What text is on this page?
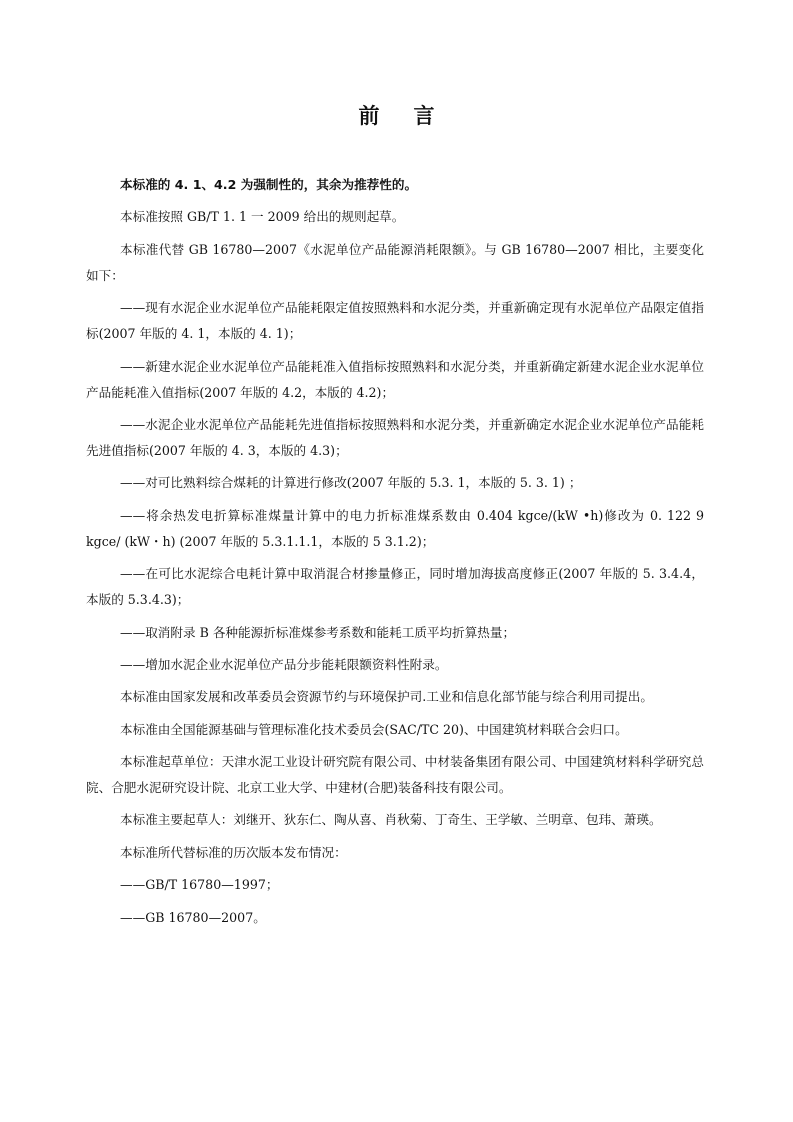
前言

本标准的 4. 1、4.2 为强制性的，其余为推荐性的。

本标准按照 GB/T 1. 1 一 2009 给出的规则起草。

本标准代替 GB 16780—2007《水泥单位产品能源消耗限额》。与 GB 16780—2007 相比，主要变化如下：

——现有水泥企业水泥单位产品能耗限定值按照熟料和水泥分类，并重新确定现有水泥单位产品限定值指标(2007 年版的 4. 1，本版的 4. 1)；

——新建水泥企业水泥单位产品能耗准入值指标按照熟料和水泥分类，并重新确定新建水泥企业水泥单位产品能耗准入值指标(2007 年版的 4.2，本版的 4.2)；

——水泥企业水泥单位产品能耗先进值指标按照熟料和水泥分类，并重新确定水泥企业水泥单位产品能耗先进值指标(2007 年版的 4. 3，本版的 4.3)；

——对可比熟料综合煤耗的计算进行修改(2007 年版的 5.3. 1，本版的 5. 3. 1) ；

——将余热发电折算标准煤量计算中的电力折标准煤系数由 0.404 kgce/(kW •h)修改为 0. 122 9 kgce/ (kW・h) (2007 年版的 5.3.1.1.1，本版的 5 3.1.2)；

——在可比水泥综合电耗计算中取消混合材掺量修正，同时增加海拔高度修正(2007 年版的 5. 3.4.4，本版的 5.3.4.3)；

——取消附录 B 各种能源折标准煤参考系数和能耗工质平均折算热量；

——增加水泥企业水泥单位产品分步能耗限额资料性附录。

本标准由国家发展和改革委员会资源节约与环境保护司.工业和信息化部节能与综合利用司提出。

本标准由全国能源基础与管理标准化技术委员会(SAC/TC 20)、中国建筑材料联合会归口。

本标准起草单位：天津水泥工业设计研究院有限公司、中材装备集团有限公司、中国建筑材料科学研究总院、合肥水泥研究设计院、北京工业大学、中建材(合肥)装备科技有限公司。

本标准主要起草人：刘继开、狄东仁、陶从喜、肖秋菊、丁奇生、王学敏、兰明章、包玮、萧瑛。

本标准所代替标准的历次版本发布情况：

——GB/T 16780—1997；

——GB 16780—2007。
